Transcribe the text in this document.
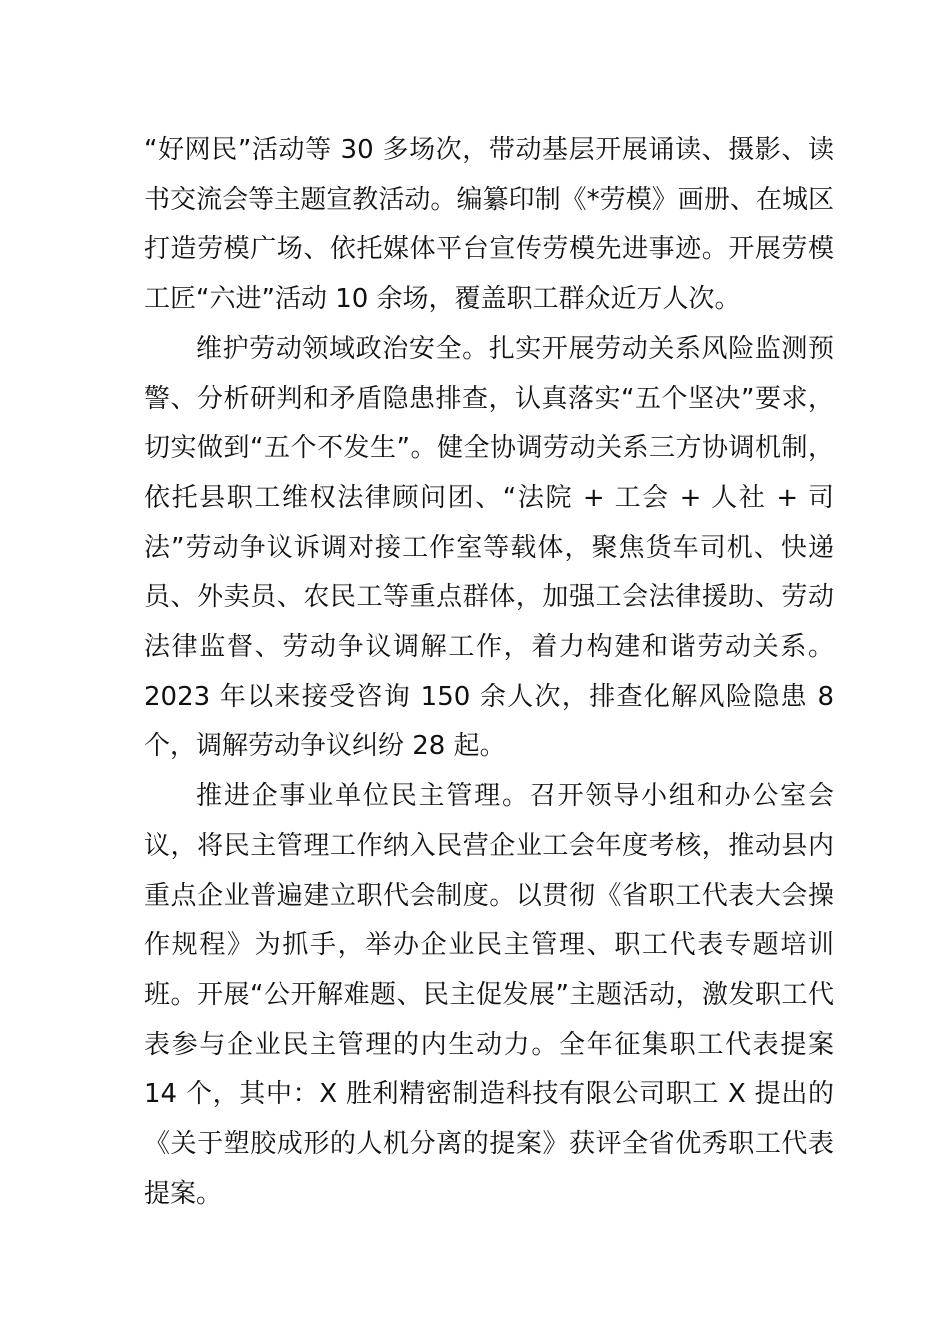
“好网民”活动等 30 多场次，带动基层开展诵读、摄影、读书交流会等主题宣教活动。编纂印制《*劳模》画册、在城区打造劳模广场、依托媒体平台宣传劳模先进事迹。开展劳模工匠“六进”活动 10 余场，覆盖职工群众近万人次。

维护劳动领域政治安全。扎实开展劳动关系风险监测预警、分析研判和矛盾隐患排查，认真落实“五个坚决”要求，切实做到“五个不发生”。健全协调劳动关系三方协调机制，依托县职工维权法律顾问团、“法院 + 工会 + 人社 + 司法”劳动争议诉调对接工作室等载体，聚焦货车司机、快递员、外卖员、农民工等重点群体，加强工会法律援助、劳动法律监督、劳动争议调解工作，着力构建和谐劳动关系。2023 年以来接受咨询 150 余人次，排查化解风险隐患 8 个，调解劳动争议纠纷 28 起。

推进企事业单位民主管理。召开领导小组和办公室会议，将民主管理工作纳入民营企业工会年度考核，推动县内重点企业普遍建立职代会制度。以贯彻《省职工代表大会操作规程》为抓手，举办企业民主管理、职工代表专题培训班。开展“公开解难题、民主促发展”主题活动，激发职工代表参与企业民主管理的内生动力。全年征集职工代表提案 14 个，其中：X 胜利精密制造科技有限公司职工 X 提出的《关于塑胶成形的人机分离的提案》获评全省优秀职工代表提案。
